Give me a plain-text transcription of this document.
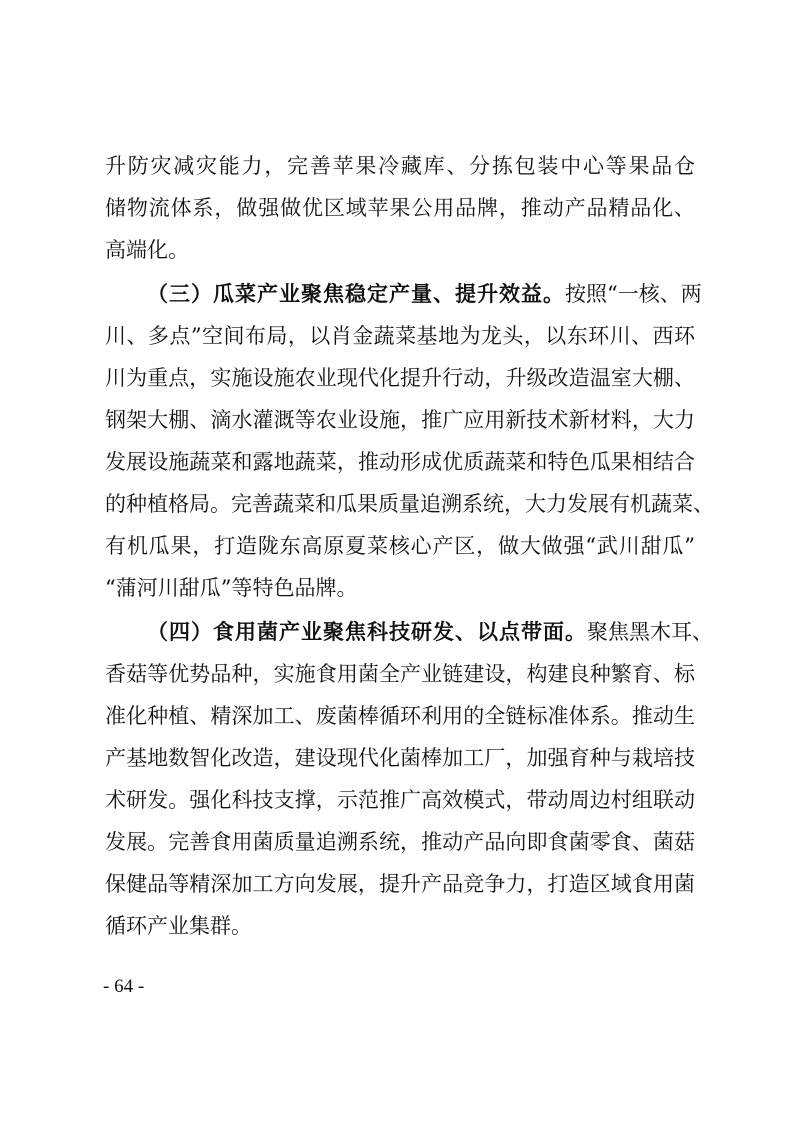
升防灾减灾能力，完善苹果冷藏库、分拣包装中心等果品仓

储物流体系，做强做优区域苹果公用品牌，推动产品精品化、

高端化。

（三）瓜菜产业聚焦稳定产量、提升效益。按照“一核、两

川、多点”空间布局，以肖金蔬菜基地为龙头，以东环川、西环

川为重点，实施设施农业现代化提升行动，升级改造温室大棚、

钢架大棚、滴水灌溉等农业设施，推广应用新技术新材料，大力

发展设施蔬菜和露地蔬菜，推动形成优质蔬菜和特色瓜果相结合

的种植格局。完善蔬菜和瓜果质量追溯系统，大力发展有机蔬菜、

有机瓜果，打造陇东高原夏菜核心产区，做大做强“武川甜瓜”

“蒲河川甜瓜”等特色品牌。

（四）食用菌产业聚焦科技研发、以点带面。聚焦黑木耳、

香菇等优势品种，实施食用菌全产业链建设，构建良种繁育、标

准化种植、精深加工、废菌棒循环利用的全链标准体系。推动生

产基地数智化改造，建设现代化菌棒加工厂，加强育种与栽培技

术研发。强化科技支撑，示范推广高效模式，带动周边村组联动

发展。完善食用菌质量追溯系统，推动产品向即食菌零食、菌菇

保健品等精深加工方向发展，提升产品竞争力，打造区域食用菌

循环产业集群。

- 64 -
